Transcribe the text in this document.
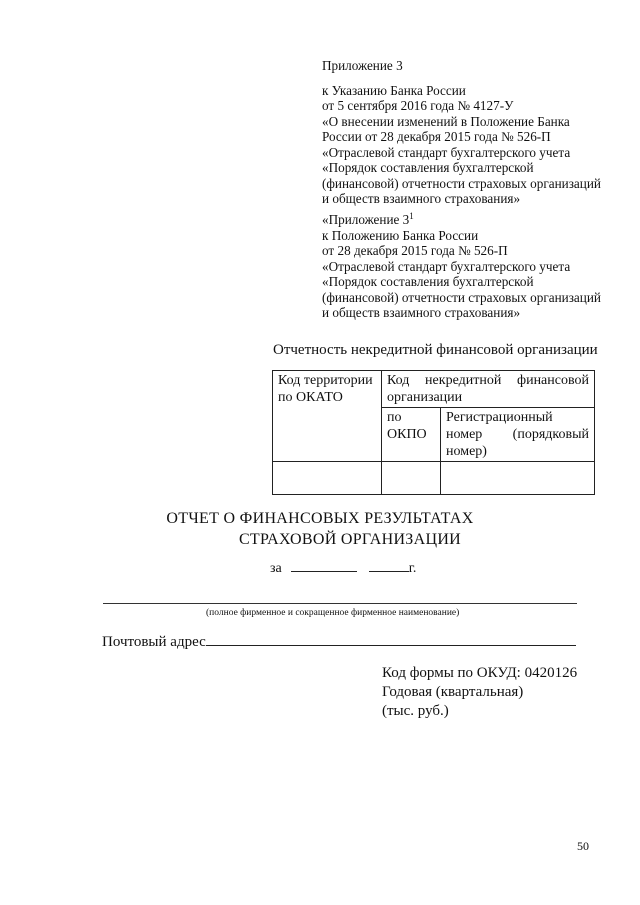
Приложение 3
к Указанию Банка России
от 5 сентября 2016 года № 4127-У
«О внесении изменений в Положение Банка
России от 28 декабря 2015 года № 526-П
«Отраслевой стандарт бухгалтерского учета
«Порядок составления бухгалтерской
(финансовой) отчетности страховых организаций
и обществ взаимного страхования»
«Приложение $3^1$
к Положению Банка России
от 28 декабря 2015 года № 526-П
«Отраслевой стандарт бухгалтерского учета
«Порядок составления бухгалтерской
(финансовой) отчетности страховых организаций
и обществ взаимного страхования»
Отчетность некредитной финансовой организации
Код территории по ОКАТО	Код некредитной финансовой организации	

	по ОКПО	Регистрационный номер (порядковый номер)

ОТЧЕТ О ФИНАНСОВЫХ РЕЗУЛЬТАТАХ
СТРАХОВОЙ ОРГАНИЗАЦИИ
за	г.
(полное фирменное и сокращенное фирменное наименование)
Почтовый адрес
Код формы по ОКУД: 0420126
Годовая (квартальная)
(тыс. руб.)
50
